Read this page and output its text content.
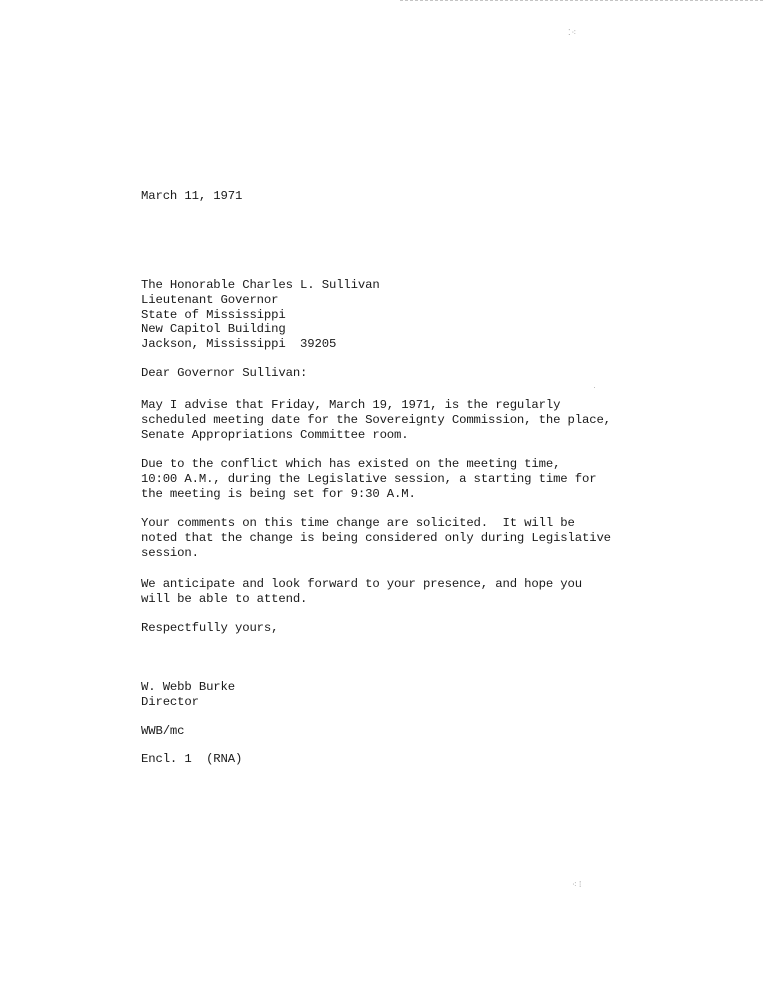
⁚⁖
⁖⁞
March 11, 1971
The Honorable Charles L. Sullivan
Lieutenant Governor
State of Mississippi
New Capitol Building
Jackson, Mississippi  39205
Dear Governor Sullivan:
May I advise that Friday, March 19, 1971, is the regularly
scheduled meeting date for the Sovereignty Commission, the place,
Senate Appropriations Committee room.
Due to the conflict which has existed on the meeting time,
10:00 A.M., during the Legislative session, a starting time for
the meeting is being set for 9:30 A.M.
Your comments on this time change are solicited.  It will be
noted that the change is being considered only during Legislative
session.
We anticipate and look forward to your presence, and hope you
will be able to attend.
Respectfully yours,
W. Webb Burke
Director
WWB/mc
Encl. 1  (RNA)
